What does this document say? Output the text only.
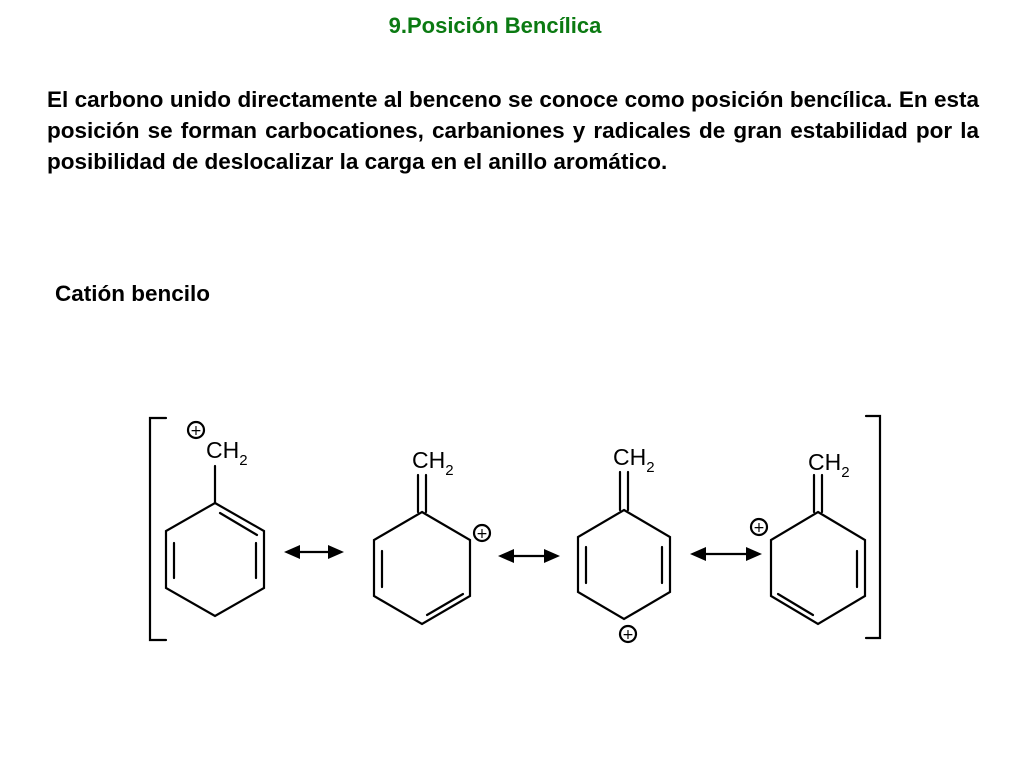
9.Posición Bencílica

El carbono unido directamente al benceno se conoce como posición bencílica. En esta posición se forman carbocationes, carbaniones y radicales de gran estabilidad por la posibilidad de deslocalizar la carga en el anillo aromático.

Catión bencilo
$CH_2$	$CH_2$
$CH_2$	$CH_2$
+
+
+
+
